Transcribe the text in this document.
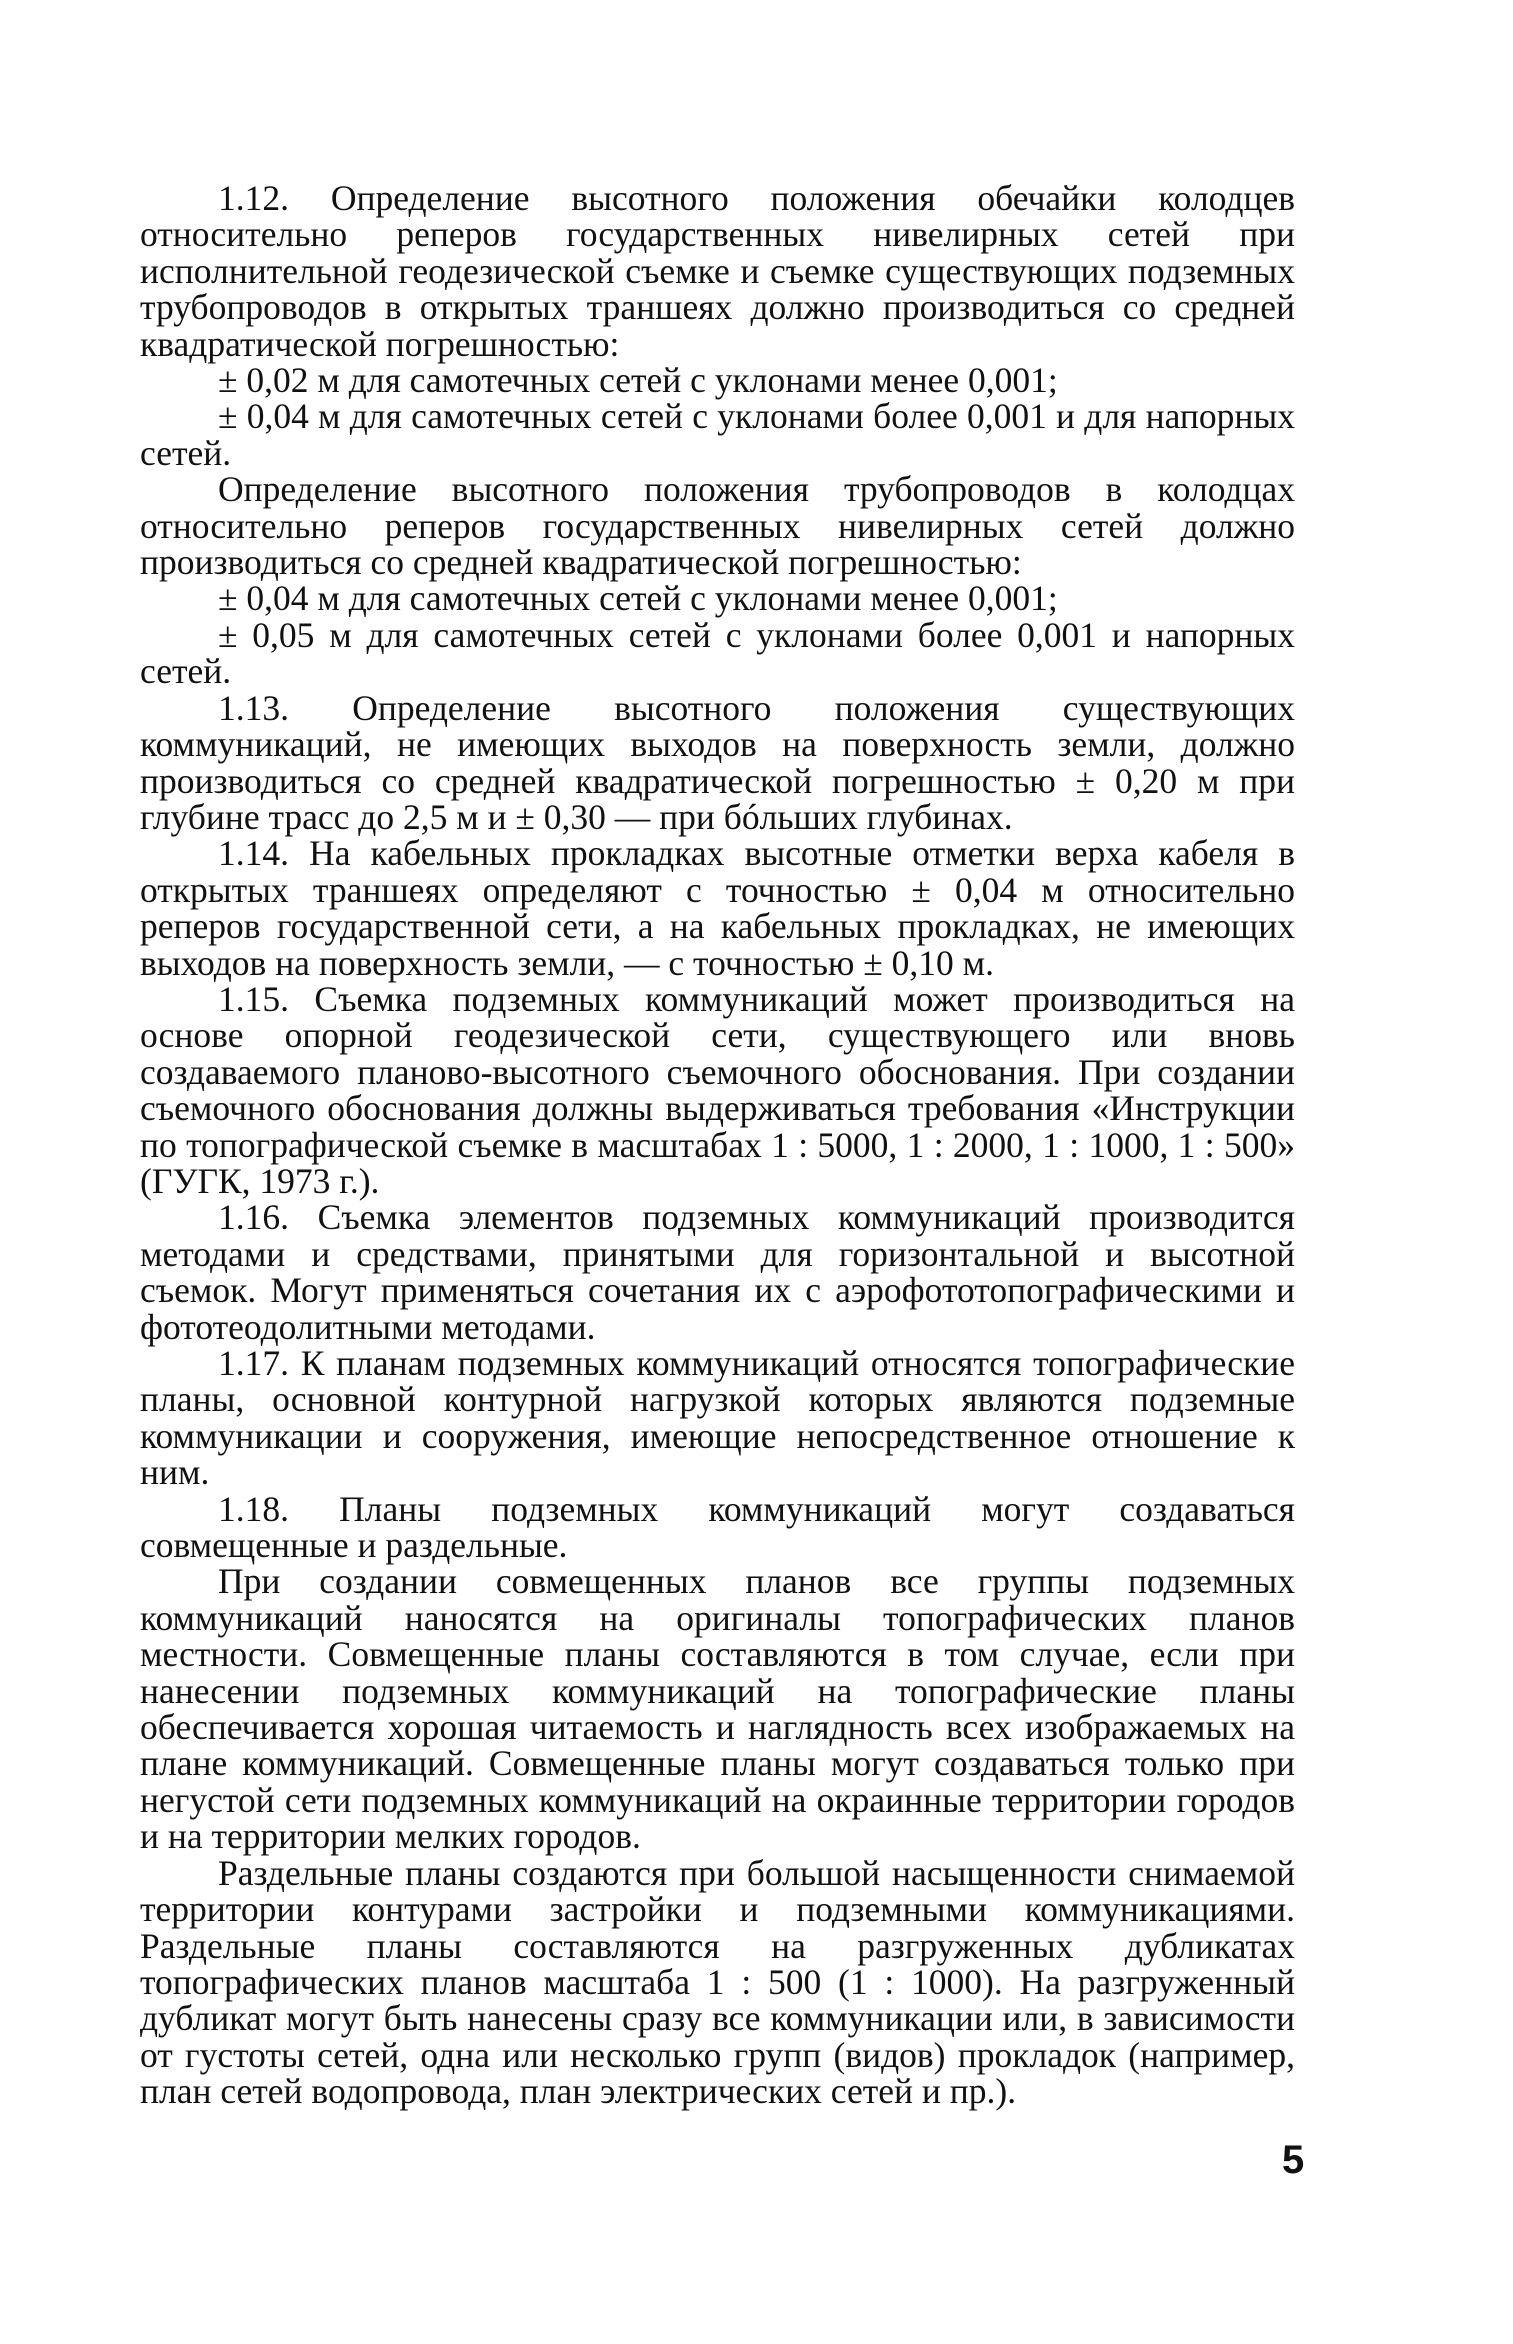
1.12. Определение высотного положения обечайки колодцев относительно реперов государственных нивелирных сетей при исполнительной геодезической съемке и съемке существующих подземных трубопроводов в открытых траншеях должно производиться со средней квадратической погрешностью:

± 0,02 м для самотечных сетей с уклонами менее 0,001;

± 0,04 м для самотечных сетей с уклонами более 0,001 и для напорных сетей.

Определение высотного положения трубопроводов в колодцах относительно реперов государственных нивелирных сетей должно производиться со средней квадратической погрешностью:

± 0,04 м для самотечных сетей с уклонами менее 0,001;

± 0,05 м для самотечных сетей с уклонами более 0,001 и напорных сетей.

1.13. Определение высотного положения существующих коммуникаций, не имеющих выходов на поверхность земли, должно производиться со средней квадратической погрешностью ± 0,20 м при глубине трасс до 2,5 м и ± 0,30 — при бóльших глубинах.

1.14. На кабельных прокладках высотные отметки верха кабеля в открытых траншеях определяют с точностью ± 0,04 м относительно реперов государственной сети, а на кабельных прокладках, не имеющих выходов на поверхность земли, — с точностью ± 0,10 м.

1.15. Съемка подземных коммуникаций может производиться на основе опорной геодезической сети, существующего или вновь создаваемого планово-высотного съемочного обоснования. При создании съемочного обоснования должны выдерживаться требования «Инструкции по топографической съемке в масштабах 1 : 5000, 1 : 2000, 1 : 1000, 1 : 500» (ГУГК, 1973 г.).

1.16. Съемка элементов подземных коммуникаций производится методами и средствами, принятыми для горизонтальной и высотной съемок. Могут применяться сочетания их с аэрофототопографическими и фототеодолитными методами.

1.17. К планам подземных коммуникаций относятся топографические планы, основной контурной нагрузкой которых являются подземные коммуникации и сооружения, имеющие непосредственное отношение к ним.

1.18. Планы подземных коммуникаций могут создаваться совмещенные и раздельные.

При создании совмещенных планов все группы подземных коммуникаций наносятся на оригиналы топографических планов местности. Совмещенные планы составляются в том случае, если при нанесении подземных коммуникаций на топографические планы обеспечивается хорошая читаемость и наглядность всех изображаемых на плане коммуникаций. Совмещенные планы могут создаваться только при негустой сети подземных коммуникаций на окраинные территории городов и на территории мелких городов.

Раздельные планы создаются при большой насыщенности снимаемой территории контурами застройки и подземными коммуникациями. Раздельные планы составляются на разгруженных дубликатах топографических планов масштаба 1 : 500 (1 : 1000). На разгруженный дубликат могут быть нанесены сразу все коммуникации или, в зависимости от густоты сетей, одна или несколько групп (видов) прокладок (например, план сетей водопровода, план электрических сетей и пр.).

5
